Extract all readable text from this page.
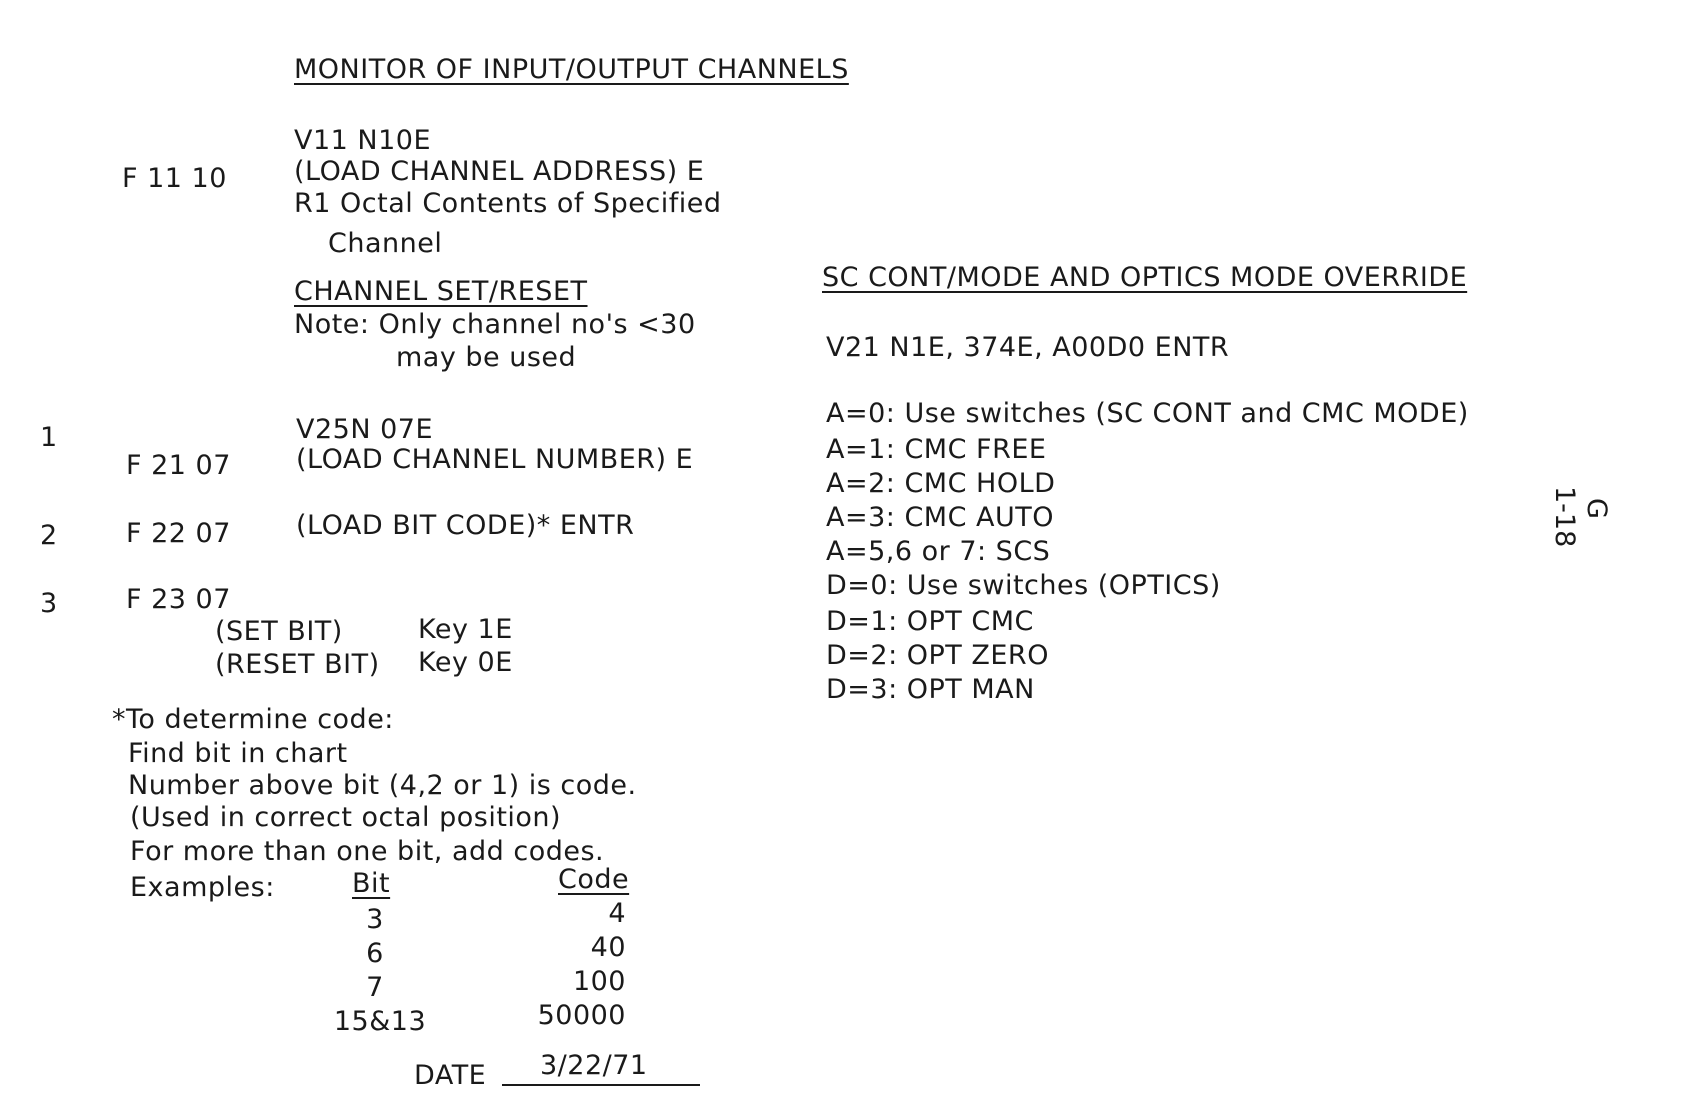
MONITOR OF INPUT/OUTPUT CHANNELS
V11 N10E
F 11 10 (LOAD CHANNEL ADDRESS) E
R1 Octal Contents of Specified
Channel
CHANNEL SET/RESET
Note: Only channel no's <30
may be used
1	V25N 07E
F 21 07 (LOAD CHANNEL NUMBER) E
2	F 22 07 (LOAD BIT CODE)* ENTR
3	F 23 07
(SET BIT)	Key 1E
(RESET BIT) Key 0E
*To determine code:
Find bit in chart
Number above bit (4,2 or 1) is code.
(Used in correct octal position)
For more than one bit, add codes.
Examples:	Bit	Code
3	4
6	40
7	100
15&13	50000
DATE 3/22/71
SC CONT/MODE AND OPTICS MODE OVERRIDE
V21 N1E, 374E, A00D0 ENTR
A=0: Use switches (SC CONT and CMC MODE)
A=1: CMC FREE
A=2: CMC HOLD
A=3: CMC AUTO
A=5,6 or 7: SCS
D=0: Use switches (OPTICS)
D=1: OPT CMC
D=2: OPT ZERO
D=3: OPT MAN
G
1-18
